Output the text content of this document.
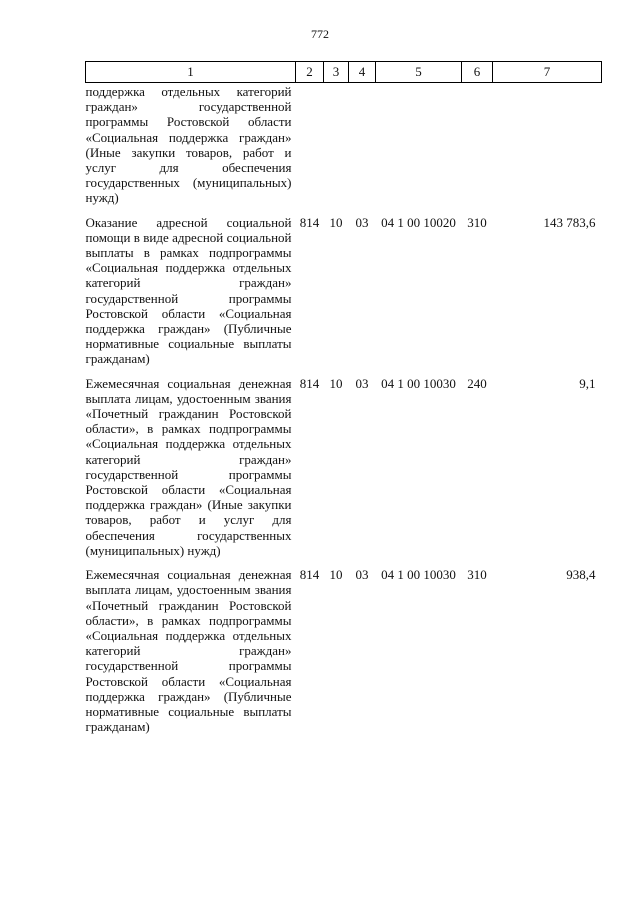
772
1	2	3	4	5	6	7
поддержка отдельных категорий граждан» государственной программы Ростовской области «Социальная поддержка граждан» (Иные закупки товаров, работ и услуг для обеспечения государственных (муниципальных) нужд)						
Оказание адресной социальной помощи в виде адресной социальной выплаты в рамках подпрограммы «Социальная поддержка отдельных категорий граждан» государственной программы Ростовской области «Социальная поддержка граждан» (Публичные нормативные социальные выплаты гражданам)	814	10	03	04 1 00 10020	310	143 783,6
Ежемесячная социальная денежная выплата лицам, удостоенным звания «Почетный гражданин Ростовской области», в рамках подпрограммы «Социальная поддержка отдельных категорий граждан» государственной программы Ростовской области «Социальная поддержка граждан» (Иные закупки товаров, работ и услуг для обеспечения государственных (муниципальных) нужд)	814	10	03	04 1 00 10030	240	9,1
Ежемесячная социальная денежная выплата лицам, удостоенным звания «Почетный гражданин Ростовской области», в рамках подпрограммы «Социальная поддержка отдельных категорий граждан» государственной программы Ростовской области «Социальная поддержка граждан» (Публичные нормативные социальные выплаты гражданам)	814	10	03	04 1 00 10030	310	938,4
